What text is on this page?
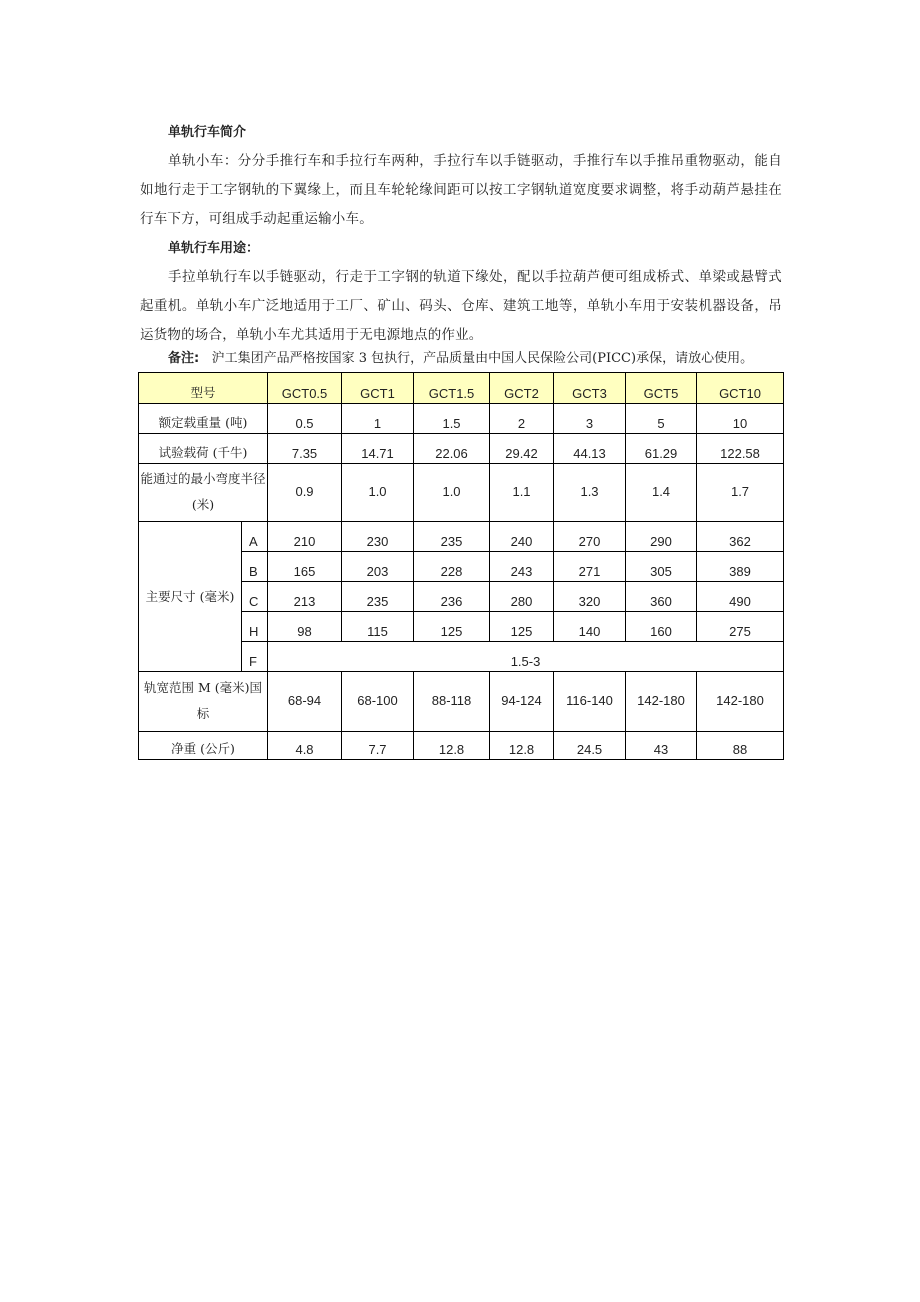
单轨行车简介
单轨小车：分分手推行车和手拉行车两种，手拉行车以手链驱动，手推行车以手推吊重物驱动，能自如地行走于工字钢轨的下翼缘上，而且车轮轮缘间距可以按工字钢轨道宽度要求调整，将手动葫芦悬挂在行车下方，可组成手动起重运输小车。
单轨行车用途：
手拉单轨行车以手链驱动，行走于工字钢的轨道下缘处，配以手拉葫芦便可组成桥式、单梁或悬臂式起重机。单轨小车广泛地适用于工厂、矿山、码头、仓库、建筑工地等，单轨小车用于安装机器设备，吊运货物的场合，单轨小车尤其适用于无电源地点的作业。
备注: 沪工集团产品严格按国家 3 包执行，产品质量由中国人民保险公司(PICC)承保，请放心使用。
型号		GCT0.5	GCT1	GCT1.5	GCT2	GCT3	GCT5	GCT10
额定载重量 (吨)		0.5	1	1.5	2	3	5	10
试验载荷 (千牛)		7.35	14.71	22.06	29.42	44.13	61.29	122.58
能通过的最小弯度半径 (米)		0.9	1.0	1.0	1.1	1.3	1.4	1.7
主要尺寸 (毫米)	A	210	230	235	240	270	290	362
	B	165	203	228	243	271	305	389
	C	213	235	236	280	320	360	490
	H	98	115	125	125	140	160	275
	F	1.5-3						
轨宽范围 M (毫米)国标		68-94	68-100	88-118	94-124	116-140	142-180	142-180
净重 (公斤)		4.8	7.7	12.8	12.8	24.5	43	88
